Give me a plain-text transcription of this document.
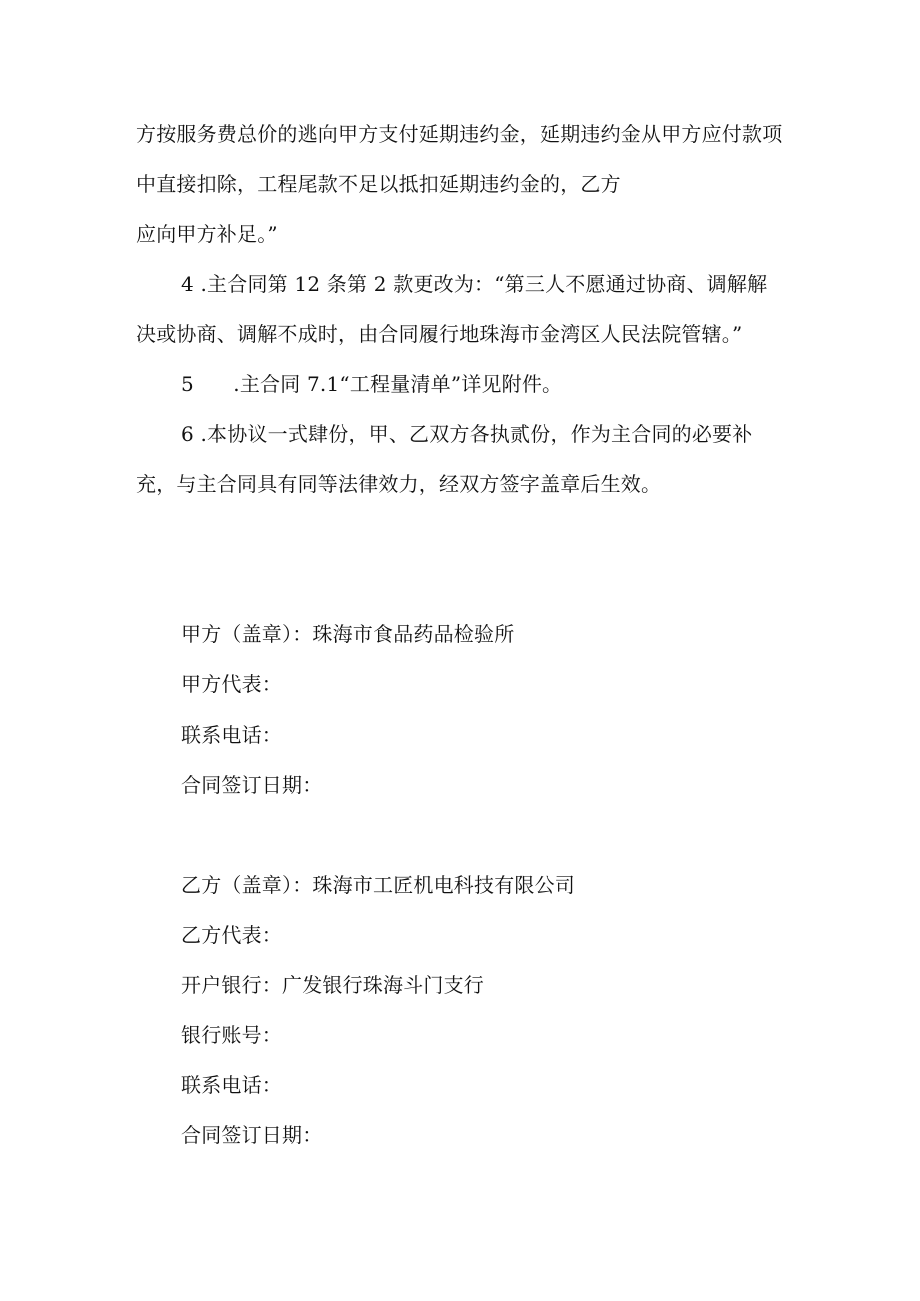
方按服务费总价的逃向甲方支付延期违约金，延期违约金从甲方应付款项
中直接扣除，工程尾款不足以抵扣延期违约金的，乙方
应向甲方补足。”
4 .主合同第 12 条第 2 款更改为：“第三人不愿通过协商、调解解
决或协商、调解不成时，由合同履行地珠海市金湾区人民法院管辖。”
5      .主合同 7.1“工程量清单”详见附件。
6 .本协议一式肆份，甲、乙双方各执贰份，作为主合同的必要补
充，与主合同具有同等法律效力，经双方签字盖章后生效。
甲方（盖章）：珠海市食品药品检验所
甲方代表：
联系电话：
合同签订日期：
乙方（盖章）：珠海市工匠机电科技有限公司
乙方代表：
开户银行：广发银行珠海斗门支行
银行账号：
联系电话：
合同签订日期：
